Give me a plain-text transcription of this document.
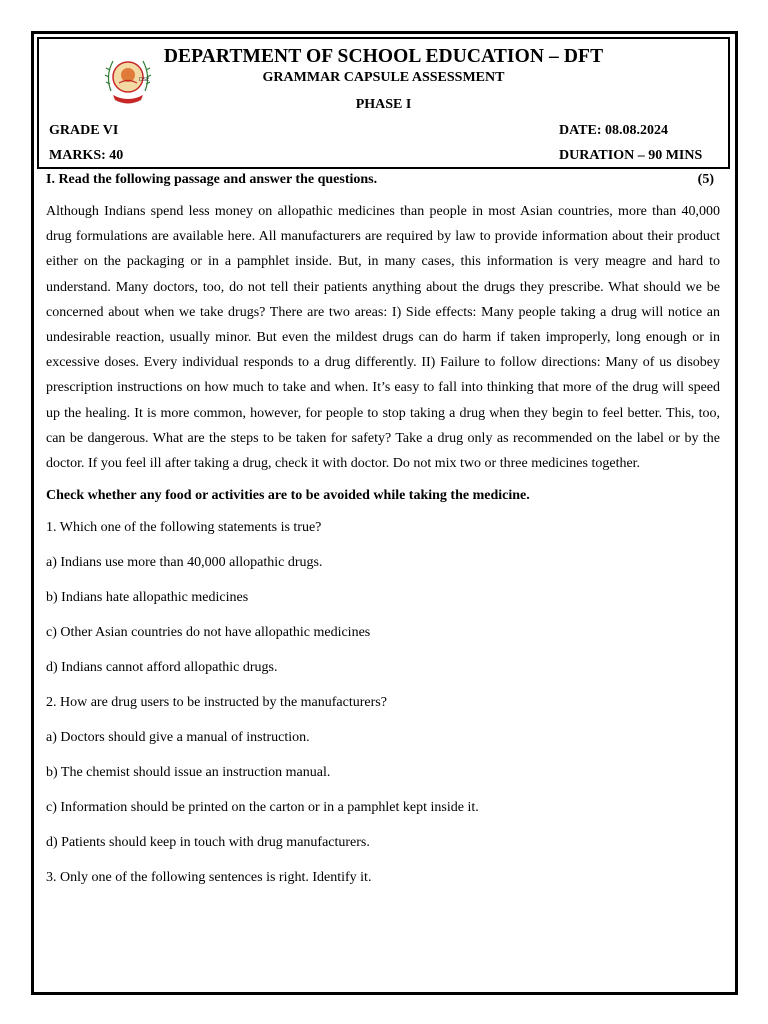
DSE
DEPARTMENT OF SCHOOL EDUCATION – DFT
GRAMMAR CAPSULE ASSESSMENT
PHASE I
GRADE VI	DATE: 08.08.2024
MARKS: 40	DURATION – 90 MINS
I. Read the following passage and answer the questions.	(5)
Although Indians spend less money on allopathic medicines than people in most Asian countries, more than 40,000 drug formulations are available here. All manufacturers are required by law to provide information about their product either on the packaging or in a pamphlet inside. But, in many cases, this information is very meagre and hard to understand. Many doctors, too, do not tell their patients anything about the drugs they prescribe. What should we be concerned about when we take drugs? There are two areas: I) Side effects: Many people taking a drug will notice an undesirable reaction, usually minor. But even the mildest drugs can do harm if taken improperly, long enough or in excessive doses. Every individual responds to a drug differently. II) Failure to follow directions: Many of us disobey prescription instructions on how much to take and when. It’s easy to fall into thinking that more of the drug will speed up the healing. It is more common, however, for people to stop taking a drug when they begin to feel better. This, too, can be dangerous. What are the steps to be taken for safety? Take a drug only as recommended on the label or by the doctor. If you feel ill after taking a drug, check it with doctor. Do not mix two or three medicines together.
Check whether any food or activities are to be avoided while taking the medicine.
1. Which one of the following statements is true?
a) Indians use more than 40,000 allopathic drugs.
b) Indians hate allopathic medicines
c) Other Asian countries do not have allopathic medicines
d) Indians cannot afford allopathic drugs.
2. How are drug users to be instructed by the manufacturers?
a) Doctors should give a manual of instruction.
b) The chemist should issue an instruction manual.
c) Information should be printed on the carton or in a pamphlet kept inside it.
d) Patients should keep in touch with drug manufacturers.
3. Only one of the following sentences is right. Identify it.
